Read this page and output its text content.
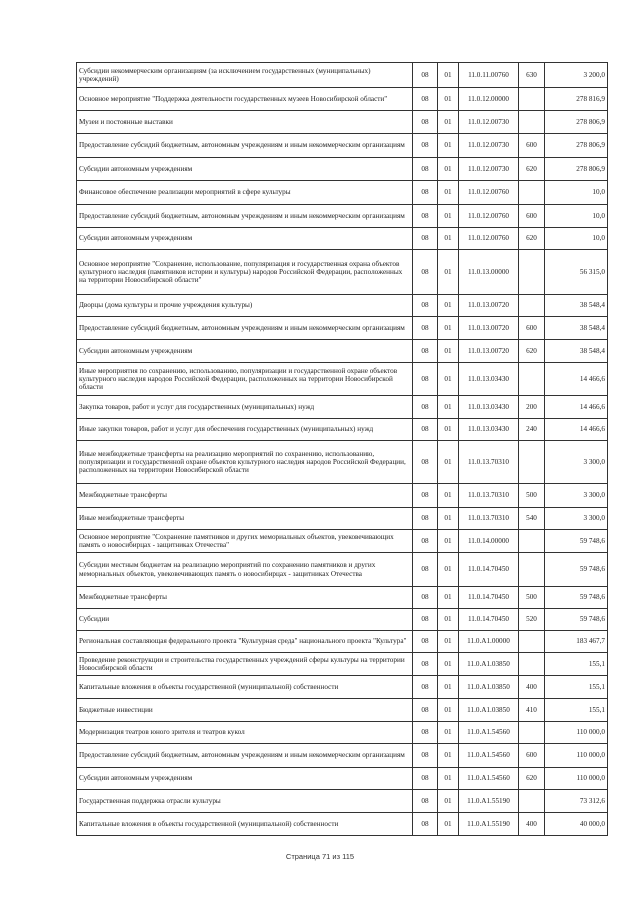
Субсидии некоммерческим организациям (за исключением государственных (муниципальных) учреждений)	08	01	11.0.11.00760	630	3 200,0
Основное мероприятие "Поддержка деятельности государственных музеев Новосибирской области"	08	01	11.0.12.00000		278 816,9
Музеи и постоянные выставки	08	01	11.0.12.00730		278 806,9
Предоставление субсидий бюджетным, автономным учреждениям и иным некоммерческим организациям	08	01	11.0.12.00730	600	278 806,9
Субсидии автономным учреждениям	08	01	11.0.12.00730	620	278 806,9
Финансовое обеспечение реализации мероприятий в сфере культуры	08	01	11.0.12.00760		10,0
Предоставление субсидий бюджетным, автономным учреждениям и иным некоммерческим организациям	08	01	11.0.12.00760	600	10,0
Субсидии автономным учреждениям	08	01	11.0.12.00760	620	10,0
Основное мероприятие "Сохранение, использование, популяризация и государственная охрана объектов культурного наследия (памятников истории и культуры) народов Российской Федерации, расположенных на территории Новосибирской области"	08	01	11.0.13.00000		56 315,0
Дворцы (дома культуры и прочие учреждения культуры)	08	01	11.0.13.00720		38 548,4
Предоставление субсидий бюджетным, автономным учреждениям и иным некоммерческим организациям	08	01	11.0.13.00720	600	38 548,4
Субсидии автономным учреждениям	08	01	11.0.13.00720	620	38 548,4
Иные мероприятия по сохранению, использованию, популяризации и государственной охране объектов культурного наследия народов Российской Федерации, расположенных на территории Новосибирской области	08	01	11.0.13.03430		14 466,6
Закупка товаров, работ и услуг для государственных (муниципальных) нужд	08	01	11.0.13.03430	200	14 466,6
Иные закупки товаров, работ и услуг для обеспечения государственных (муниципальных) нужд	08	01	11.0.13.03430	240	14 466,6
Иные межбюджетные трансферты на реализацию мероприятий по сохранению, использованию, популяризации и государственной охране объектов культурного наследия народов Российской Федерации, расположенных на территории Новосибирской области	08	01	11.0.13.70310		3 300,0
Межбюджетные трансферты	08	01	11.0.13.70310	500	3 300,0
Иные межбюджетные трансферты	08	01	11.0.13.70310	540	3 300,0
Основное мероприятие "Сохранение памятников и других мемориальных объектов, увековечивающих память о новосибирцах - защитниках Отечества"	08	01	11.0.14.00000		59 748,6
Субсидии местным бюджетам на реализацию мероприятий по сохранению памятников и других мемориальных объектов, увековечивающих память о новосибирцах - защитниках Отечества	08	01	11.0.14.70450		59 748,6
Межбюджетные трансферты	08	01	11.0.14.70450	500	59 748,6
Субсидии	08	01	11.0.14.70450	520	59 748,6
Региональная составляющая федерального проекта "Культурная среда" национального проекта "Культура"	08	01	11.0.A1.00000		183 467,7
Проведение реконструкции и строительства государственных учреждений сферы культуры на территории Новосибирской области	08	01	11.0.A1.03850		155,1
Капитальные вложения в объекты государственной (муниципальной) собственности	08	01	11.0.A1.03850	400	155,1
Бюджетные инвестиции	08	01	11.0.A1.03850	410	155,1
Модернизация театров юного зрителя и театров кукол	08	01	11.0.A1.54560		110 000,0
Предоставление субсидий бюджетным, автономным учреждениям и иным некоммерческим организациям	08	01	11.0.A1.54560	600	110 000,0
Субсидии автономным учреждениям	08	01	11.0.A1.54560	620	110 000,0
Государственная поддержка отрасли культуры	08	01	11.0.A1.55190		73 312,6
Капитальные вложения в объекты государственной (муниципальной) собственности	08	01	11.0.A1.55190	400	40 000,0
Страница 71 из 115
